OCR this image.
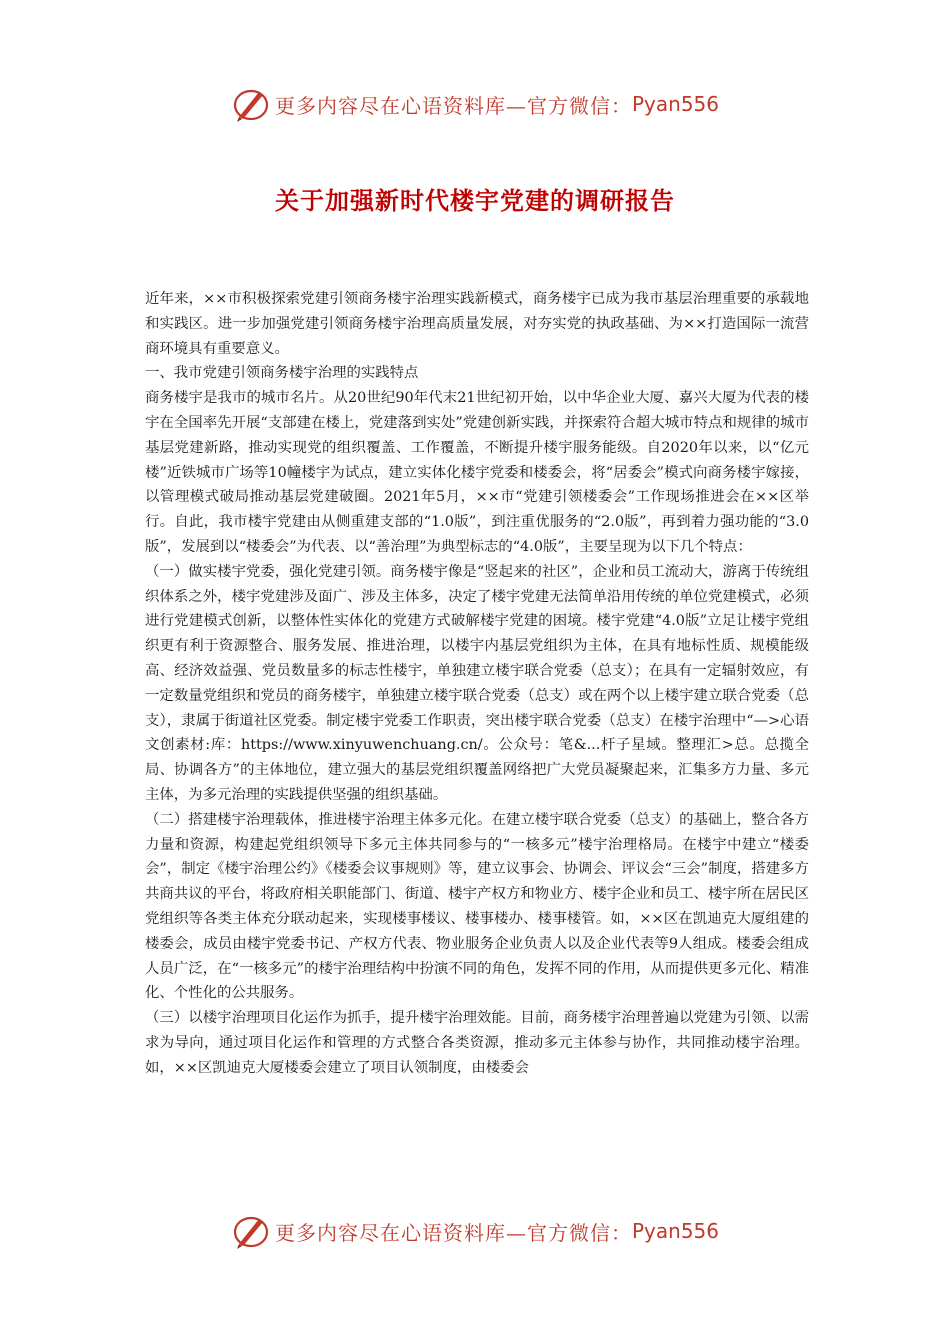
更多内容尽在心语资料库—官方微信： Pyan556
关于加强新时代楼宇党建的调研报告

近年来，××市积极探索党建引领商务楼宇治理实践新模式，商务楼宇已成为我市基层治理重要的承载地和实践区。进一步加强党建引领商务楼宇治理高质量发展，对夯实党的执政基础、为××打造国际一流营商环境具有重要意义。

一、我市党建引领商务楼宇治理的实践特点

商务楼宇是我市的城市名片。从20世纪90年代末21世纪初开始，以中华企业大厦、嘉兴大厦为代表的楼宇在全国率先开展“支部建在楼上，党建落到实处”党建创新实践，并探索符合超大城市特点和规律的城市基层党建新路，推动实现党的组织覆盖、工作覆盖，不断提升楼宇服务能级。自2020年以来，以“亿元楼”近铁城市广场等10幢楼宇为试点，建立实体化楼宇党委和楼委会，将“居委会”模式向商务楼宇嫁接，以管理模式破局推动基层党建破圈。2021年5月，××市“党建引领楼委会”工作现场推进会在××区举行。自此，我市楼宇党建由从侧重建支部的“1.0版”，到注重优服务的“2.0版”，再到着力强功能的“3.0版”，发展到以“楼委会”为代表、以“善治理”为典型标志的“4.0版”，主要呈现为以下几个特点：

（一）做实楼宇党委，强化党建引领。商务楼宇像是“竖起来的社区”，企业和员工流动大，游离于传统组织体系之外，楼宇党建涉及面广、涉及主体多，决定了楼宇党建无法简单沿用传统的单位党建模式，必须进行党建模式创新，以整体性实体化的党建方式破解楼宇党建的困境。楼宇党建“4.0版”立足让楼宇党组织更有利于资源整合、服务发展、推进治理，以楼宇内基层党组织为主体，在具有地标性质、规模能级高、经济效益强、党员数量多的标志性楼宇，单独建立楼宇联合党委（总支）；在具有一定辐射效应，有一定数量党组织和党员的商务楼宇，单独建立楼宇联合党委（总支）或在两个以上楼宇建立联合党委（总支），隶属于街道社区党委。制定楼宇党委工作职责，突出楼宇联合党委（总支）在楼宇治理中“—>心语文创素材:库：https://www.xinyuwenchuang.cn/。公众号：笔&...杆子星域。整理汇>总。总揽全局、协调各方”的主体地位，建立强大的基层党组织覆盖网络把广大党员凝聚起来，汇集多方力量、多元主体，为多元治理的实践提供坚强的组织基础。

（二）搭建楼宇治理载体，推进楼宇治理主体多元化。在建立楼宇联合党委（总支）的基础上，整合各方力量和资源，构建起党组织领导下多元主体共同参与的“一核多元”楼宇治理格局。在楼宇中建立“楼委会”，制定《楼宇治理公约》《楼委会议事规则》等，建立议事会、协调会、评议会“三会”制度，搭建多方共商共议的平台，将政府相关职能部门、街道、楼宇产权方和物业方、楼宇企业和员工、楼宇所在居民区党组织等各类主体充分联动起来，实现楼事楼议、楼事楼办、楼事楼管。如，××区在凯迪克大厦组建的楼委会，成员由楼宇党委书记、产权方代表、物业服务企业负责人以及企业代表等9人组成。楼委会组成人员广泛，在“一核多元”的楼宇治理结构中扮演不同的角色，发挥不同的作用，从而提供更多元化、精准化、个性化的公共服务。

（三）以楼宇治理项目化运作为抓手，提升楼宇治理效能。目前，商务楼宇治理普遍以党建为引领、以需求为导向，通过项目化运作和管理的方式整合各类资源，推动多元主体参与协作，共同推动楼宇治理。如，××区凯迪克大厦楼委会建立了项目认领制度，由楼委会

更多内容尽在心语资料库—官方微信： Pyan556
